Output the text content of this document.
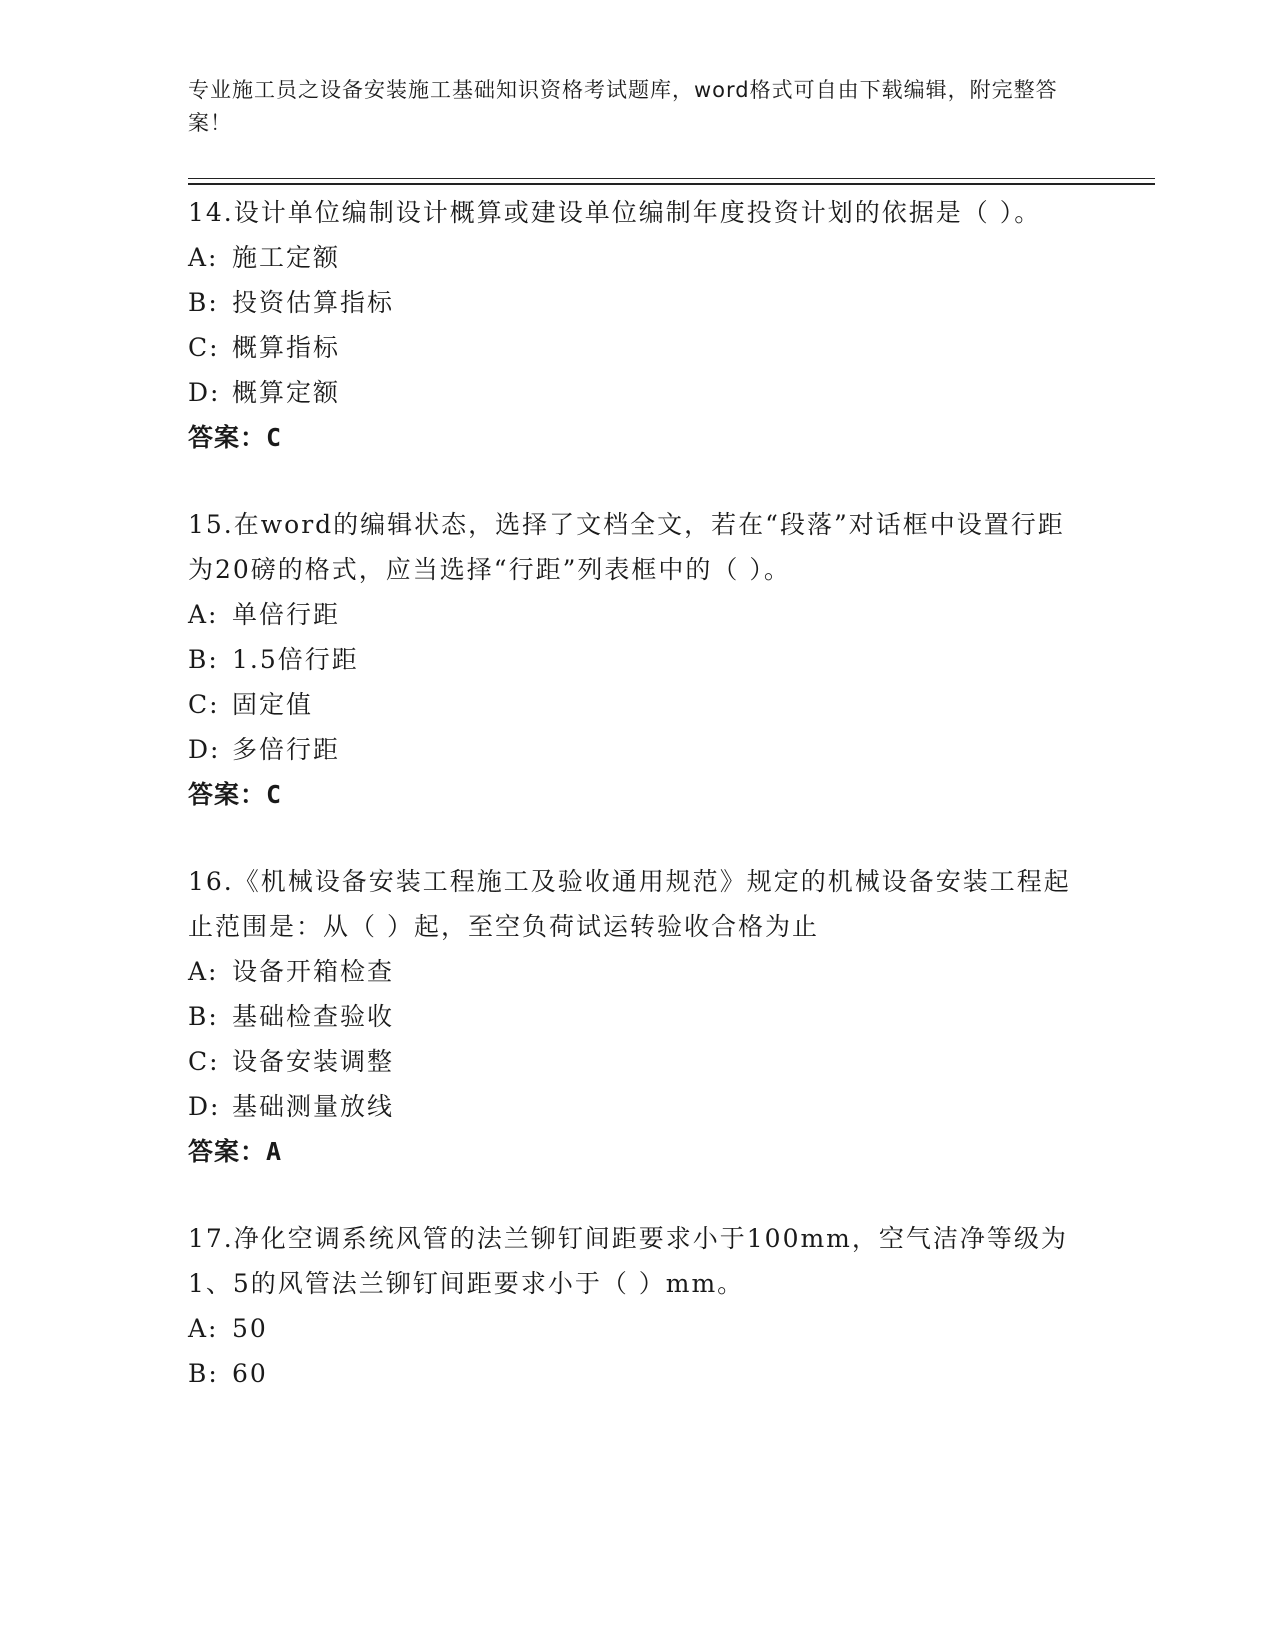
专业施工员之设备安装施工基础知识资格考试题库，word格式可自由下载编辑，附完整答案！
14.设计单位编制设计概算或建设单位编制年度投资计划的依据是（ ）。
A: 施工定额
B: 投资估算指标
C: 概算指标
D: 概算定额
答案：C
15.在word的编辑状态，选择了文档全文，若在“段落”对话框中设置行距为20磅的格式，应当选择“行距”列表框中的（ ）。
A: 单倍行距
B: 1.5倍行距
C: 固定值
D: 多倍行距
答案：C
16.《机械设备安装工程施工及验收通用规范》规定的机械设备安装工程起止范围是：从（ ）起，至空负荷试运转验收合格为止
A: 设备开箱检查
B: 基础检查验收
C: 设备安装调整
D: 基础测量放线
答案：A
17.净化空调系统风管的法兰铆钉间距要求小于100mm，空气洁净等级为1、5的风管法兰铆钉间距要求小于（ ）mm。
A: 50
B: 60
